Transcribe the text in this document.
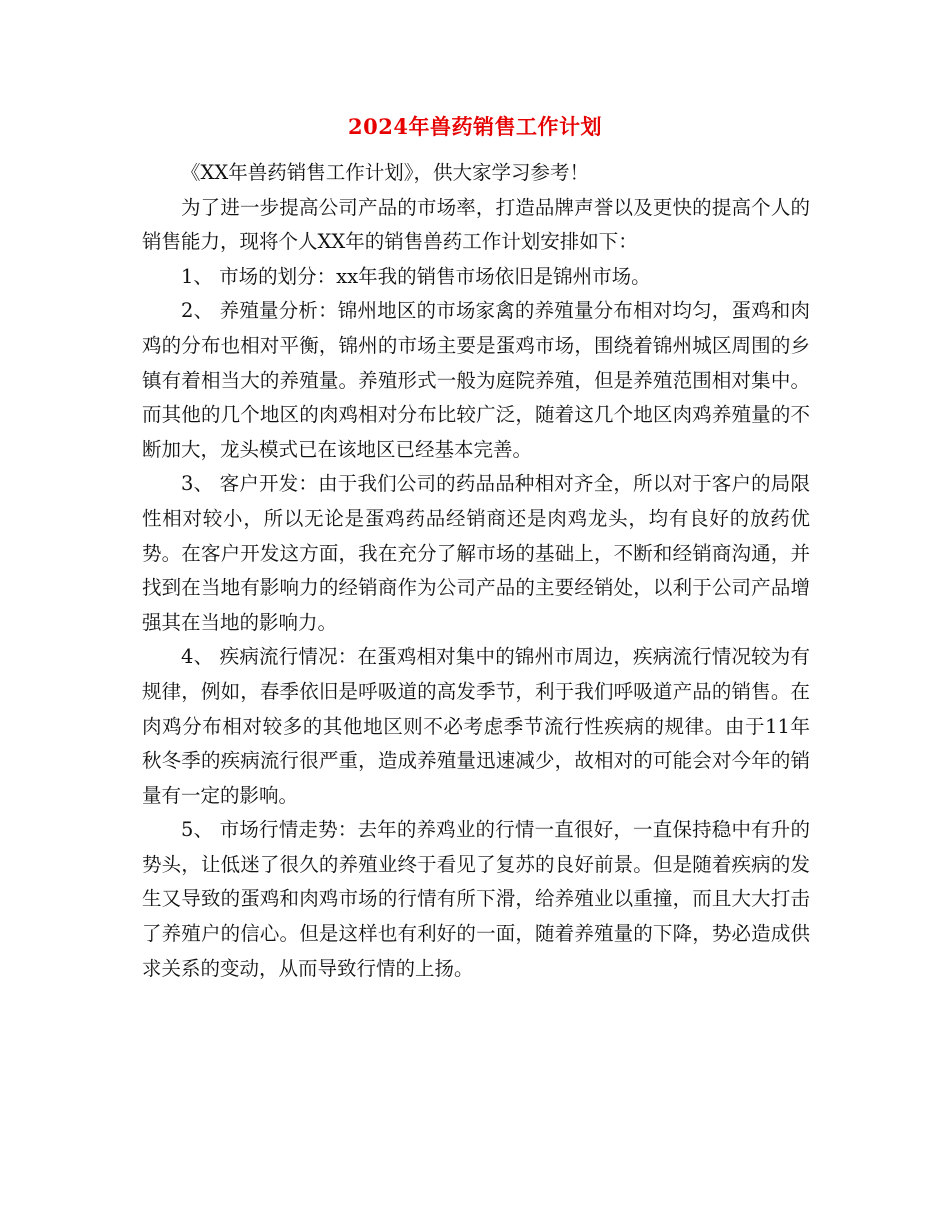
2024年兽药销售工作计划

《XX年兽药销售工作计划》，供大家学习参考！

为了进一步提高公司产品的市场率，打造品牌声誉以及更快的提高个人的销售能力，现将个人XX年的销售兽药工作计划安排如下：

1、 市场的划分：xx年我的销售市场依旧是锦州市场。

2、 养殖量分析：锦州地区的市场家禽的养殖量分布相对均匀，蛋鸡和肉鸡的分布也相对平衡，锦州的市场主要是蛋鸡市场，围绕着锦州城区周围的乡镇有着相当大的养殖量。养殖形式一般为庭院养殖，但是养殖范围相对集中。而其他的几个地区的肉鸡相对分布比较广泛，随着这几个地区肉鸡养殖量的不断加大，龙头模式已在该地区已经基本完善。

3、 客户开发：由于我们公司的药品品种相对齐全，所以对于客户的局限性相对较小，所以无论是蛋鸡药品经销商还是肉鸡龙头，均有良好的放药优势。在客户开发这方面，我在充分了解市场的基础上，不断和经销商沟通，并找到在当地有影响力的经销商作为公司产品的主要经销处，以利于公司产品增强其在当地的影响力。

4、 疾病流行情况：在蛋鸡相对集中的锦州市周边，疾病流行情况较为有规律，例如，春季依旧是呼吸道的高发季节，利于我们呼吸道产品的销售。在肉鸡分布相对较多的其他地区则不必考虑季节流行性疾病的规律。由于11年秋冬季的疾病流行很严重，造成养殖量迅速减少，故相对的可能会对今年的销量有一定的影响。

5、 市场行情走势：去年的养鸡业的行情一直很好，一直保持稳中有升的势头，让低迷了很久的养殖业终于看见了复苏的良好前景。但是随着疾病的发生又导致的蛋鸡和肉鸡市场的行情有所下滑，给养殖业以重撞，而且大大打击了养殖户的信心。但是这样也有利好的一面，随着养殖量的下降，势必造成供求关系的变动，从而导致行情的上扬。
